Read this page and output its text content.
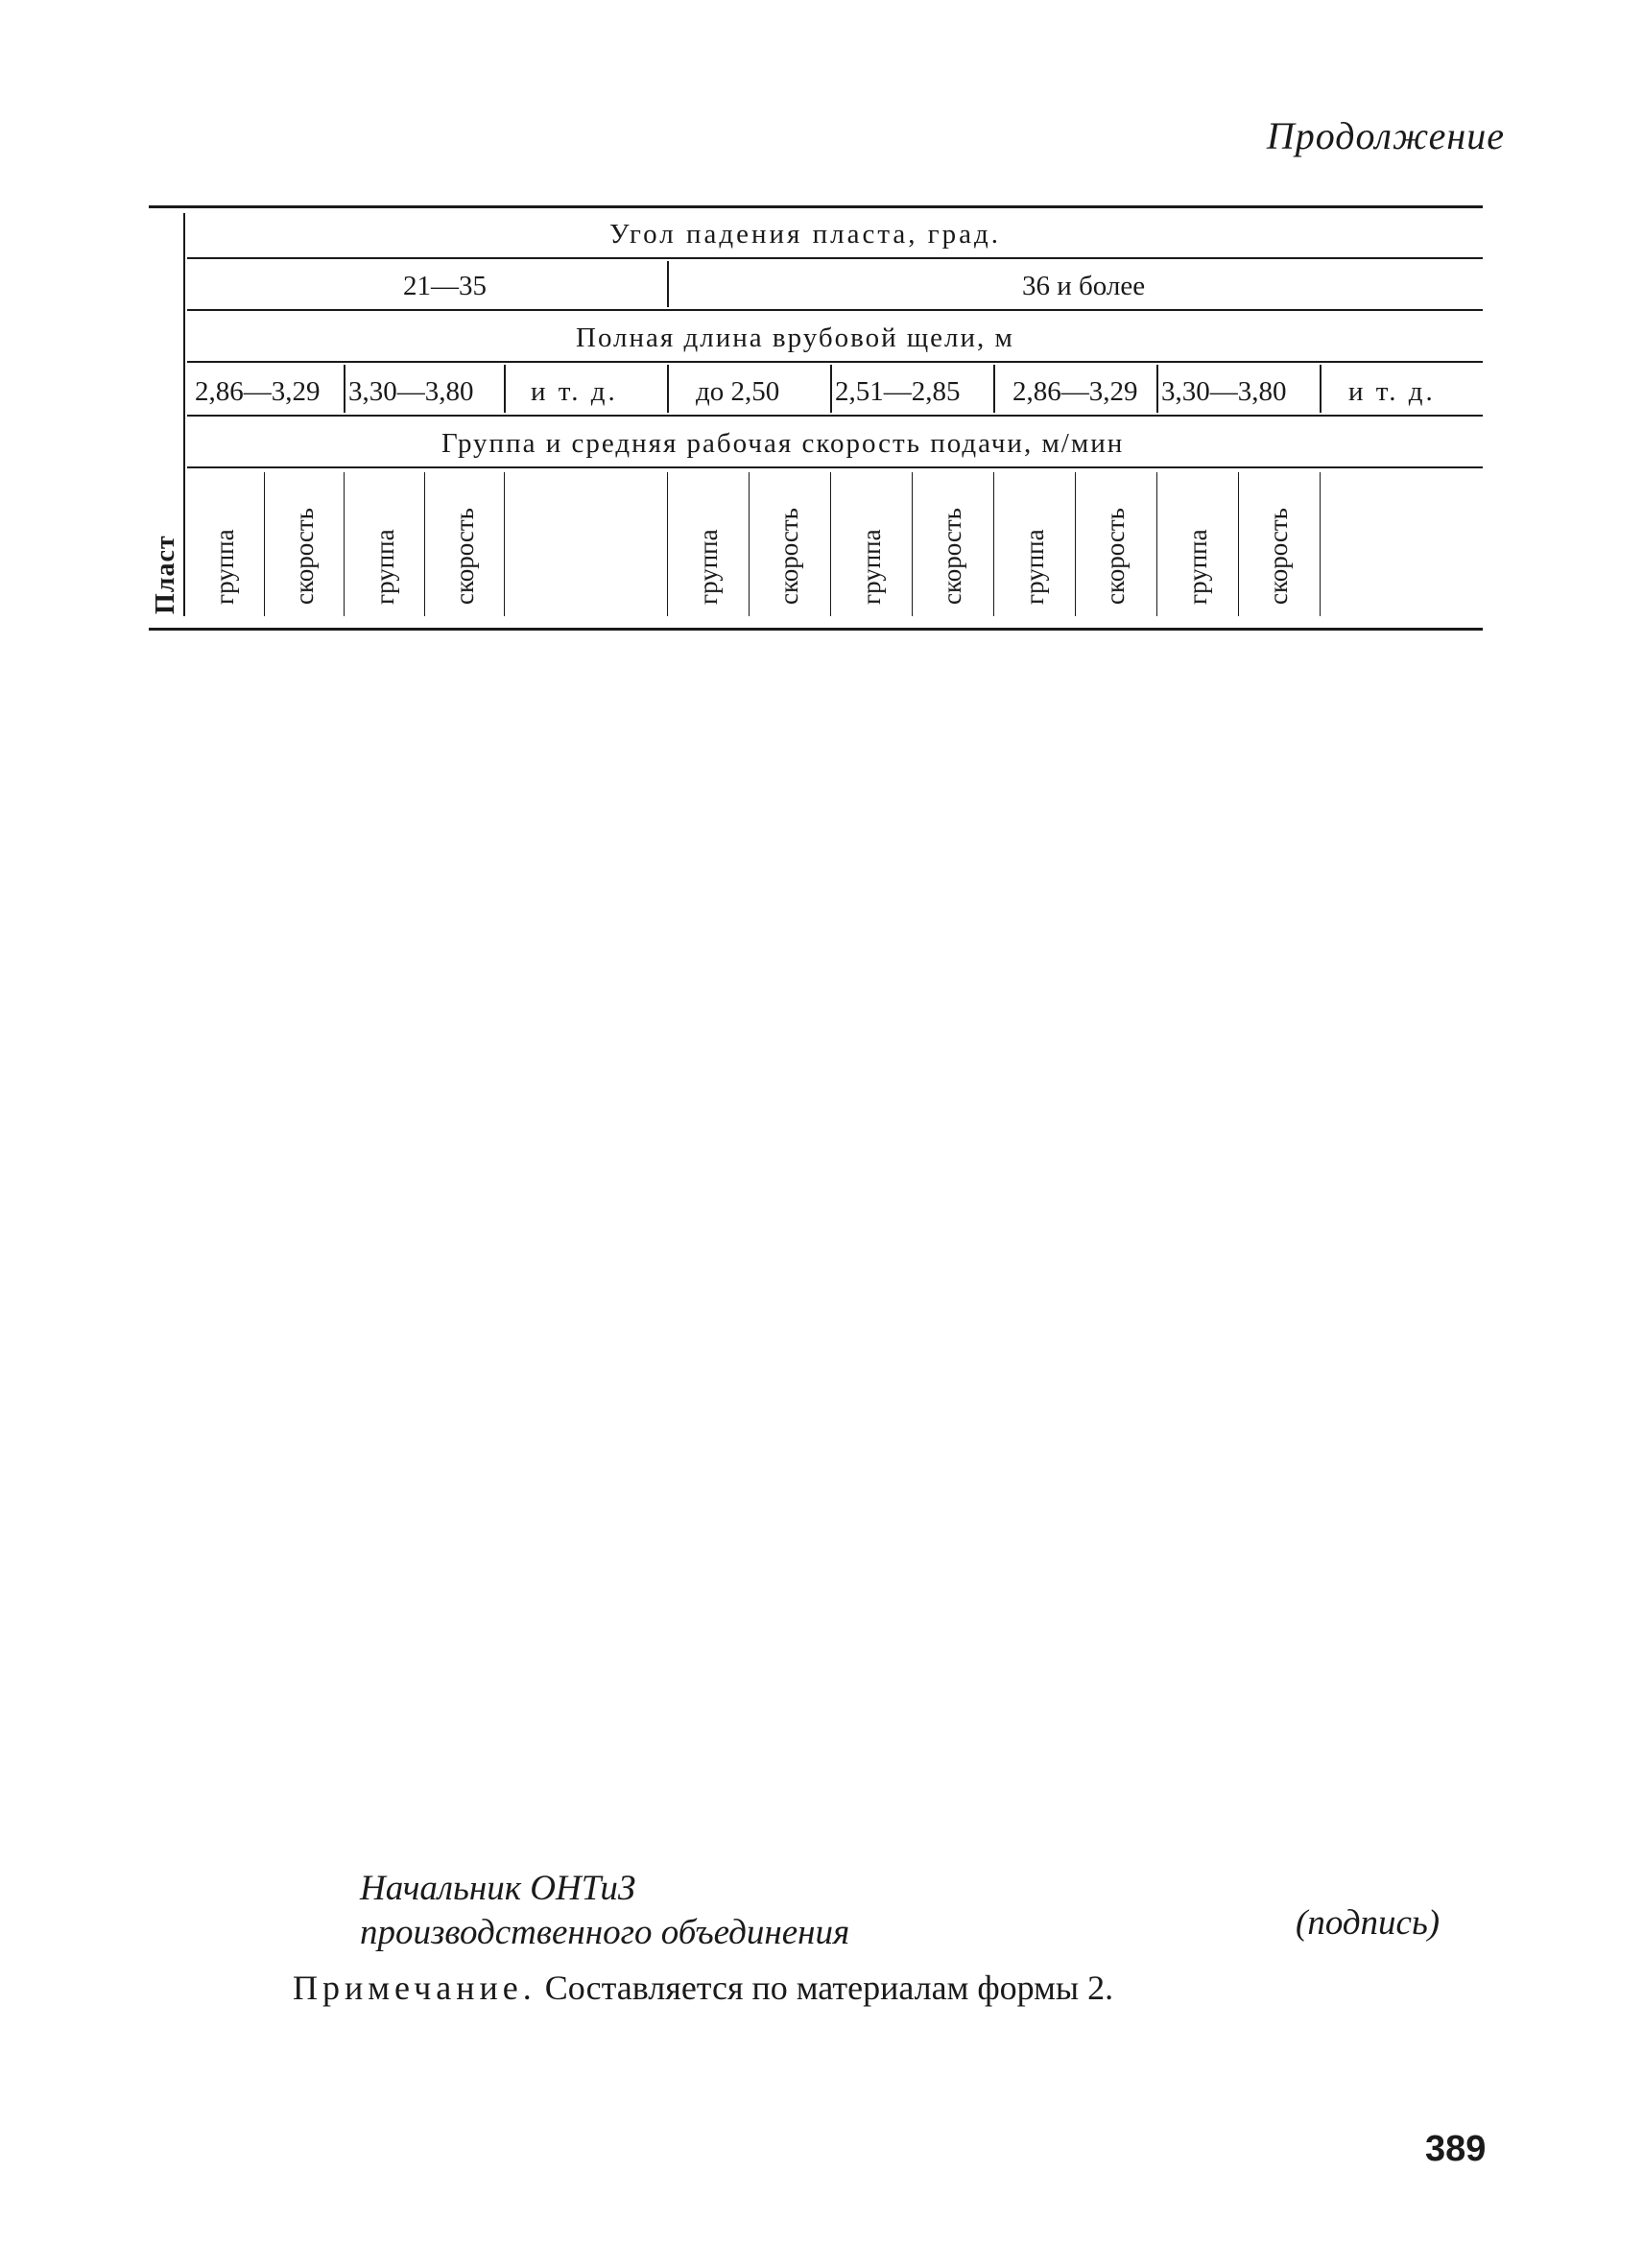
Продолжение
Угол падения пласта, град.
21—35	36 и более
Полная длина врубовой щели, м
2,86—3,29 3,30—3,80 и т. д.	до 2,50 2,51—2,85 2,86—3,29 3,30—3,80 и т. д.
Группа и средняя рабочая скорость подачи, м/мин
Пласт группа скорость группа скорость	группа скорость группа скорость группа скорость группа скорость
Начальник ОНТиЗ
производственного объединения	(подпись)
Примечание. Составляется по материалам формы 2.
389
